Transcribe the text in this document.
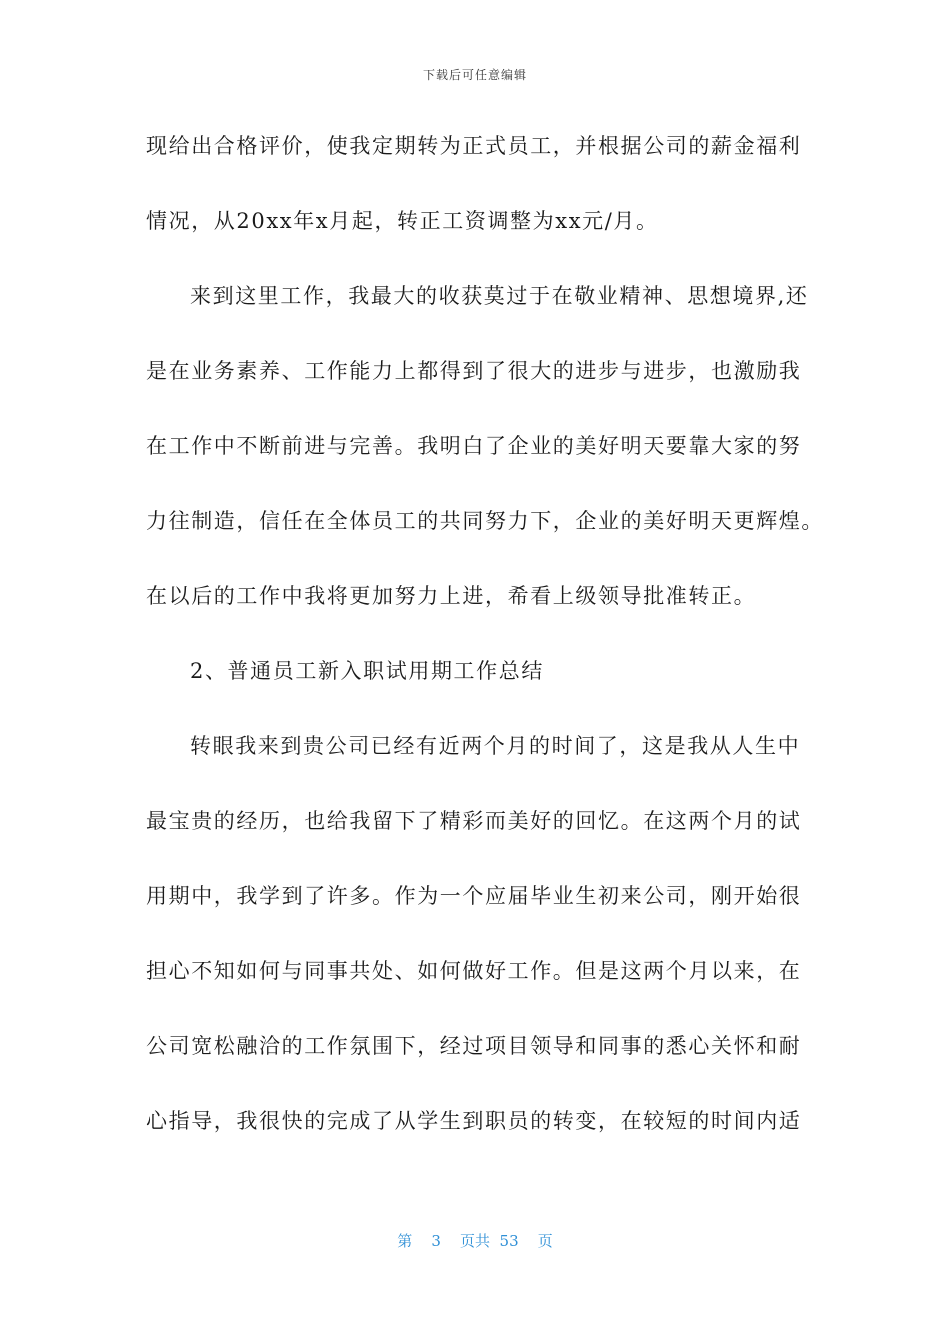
下载后可任意编辑
现给出合格评价，使我定期转为正式员工，并根据公司的薪金福利
情况，从20xx年x月起，转正工资调整为xx元/月。
来到这里工作，我最大的收获莫过于在敬业精神、思想境界,还
是在业务素养、工作能力上都得到了很大的进步与进步，也激励我
在工作中不断前进与完善。我明白了企业的美好明天要靠大家的努
力往制造，信任在全体员工的共同努力下，企业的美好明天更辉煌。
在以后的工作中我将更加努力上进，希看上级领导批准转正。
2、普通员工新入职试用期工作总结
转眼我来到贵公司已经有近两个月的时间了，这是我从人生中
最宝贵的经历，也给我留下了精彩而美好的回忆。在这两个月的试
用期中，我学到了许多。作为一个应届毕业生初来公司，刚开始很
担心不知如何与同事共处、如何做好工作。但是这两个月以来，在
公司宽松融洽的工作氛围下，经过项目领导和同事的悉心关怀和耐
心指导，我很快的完成了从学生到职员的转变，在较短的时间内适
第 3 页共 53 页
